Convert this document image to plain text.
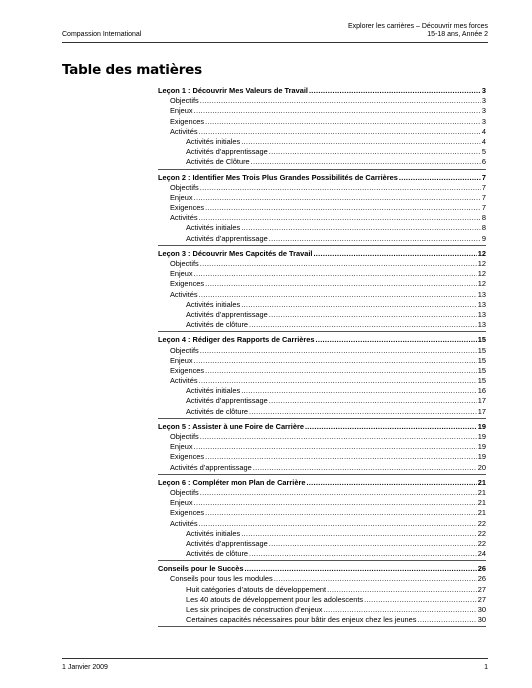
Compassion International
Explorer les carrières – Découvrir mes forces
15-18 ans, Année 2
Table des matières
Leçon 1 : Découvrir Mes Valeurs de Travail .....	3
Objectifs .....	3
Enjeux .....	3
Exigences .....	3
Activités .....	4
Activités initiales .....	4
Activités d’apprentissage .....	5
Activités de Clôture .....	6
Leçon 2 : Identifier Mes Trois Plus Grandes Possibilités de Carrières .....	7
Objectifs .....	7
Enjeux .....	7
Exigences .....	7
Activités .....	8
Activités initiales .....	8
Activités d’apprentissage .....	9
Leçon 3 : Découvrir Mes Capcités de Travail .....	12
Objectifs .....	12
Enjeux .....	12
Exigences .....	12
Activités .....	13
Activités initiales .....	13
Activités d’apprentissage .....	13
Activités de clôture .....	13
Leçon 4 : Rédiger des Rapports de Carrières .....	15
Objectifs .....	15
Enjeux .....	15
Exigences .....	15
Activités .....	15
Activités initiales .....	16
Activités d’apprentissage .....	17
Activités de clôture .....	17
Leçon 5 : Assister à une Foire de Carrière .....	19
Objectifs .....	19
Enjeux .....	19
Exigences .....	19
Activités d’apprentissage .....	20
Leçon 6 : Compléter mon Plan de Carrière .....	21
Objectifs .....	21
Enjeux .....	21
Exigences .....	21
Activités .....	22
Activités initiales .....	22
Activités d’apprentissage .....	22
Activités de clôture .....	24
Conseils pour le Succès .....	26
Conseils pour tous les modules .....	26
Huit catégories d’atouts de développement .....	27
Les 40 atouts de développement pour les adolescents .....	27
Les six principes de construction d’enjeux .....	30
Certaines capacités nécessaires pour bâtir des enjeux chez les jeunes .....	30
1 Janvier 2009	1
